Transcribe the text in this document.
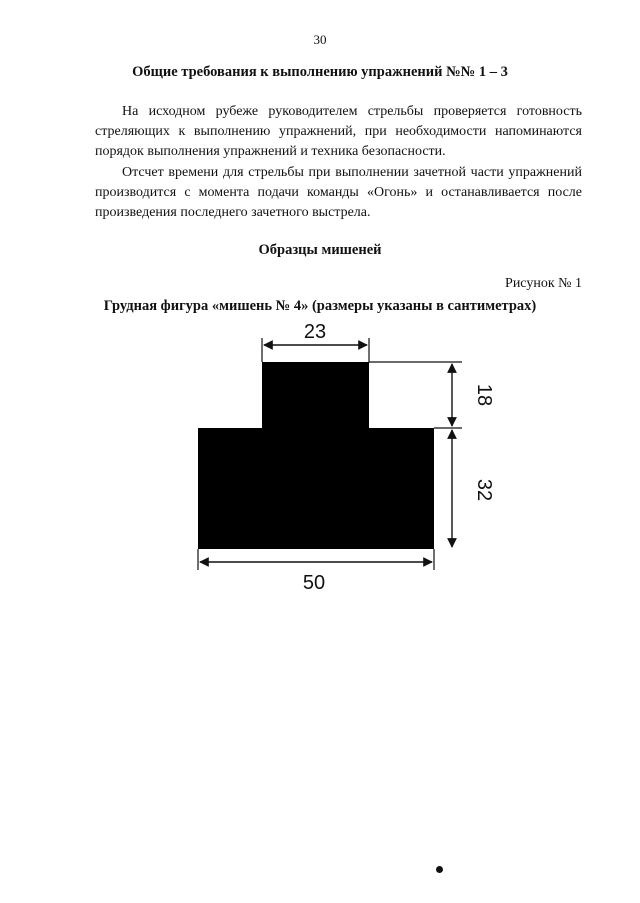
30
Общие требования к выполнению упражнений №№ 1 – 3
На исходном рубеже руководителем стрельбы проверяется готовность стреляющих к выполнению упражнений, при необходимости напоминаются порядок выполнения упражнений и техника безопасности.
Отсчет времени для стрельбы при выполнении зачетной части упражнений производится с момента подачи команды «Огонь» и останавливается после произведения последнего зачетного выстрела.
Образцы мишеней
Рисунок № 1
Грудная фигура «мишень № 4» (размеры указаны в сантиметрах)
23
18
32
50
